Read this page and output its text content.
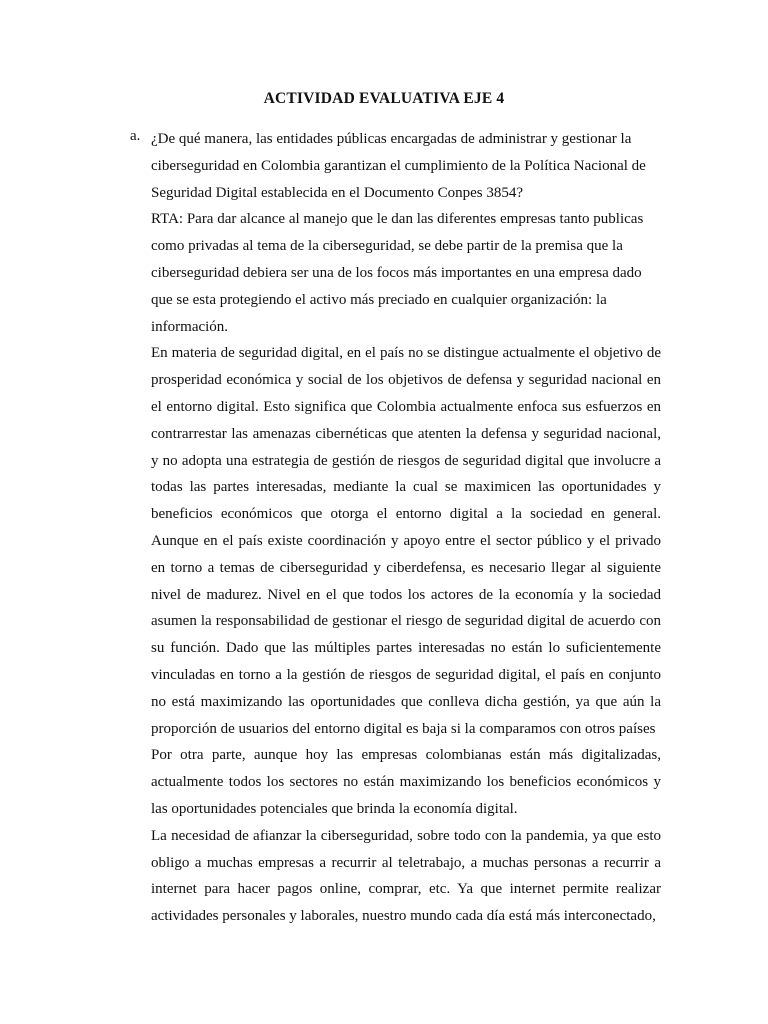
ACTIVIDAD EVALUATIVA EJE 4
a. ¿De qué manera, las entidades públicas encargadas de administrar y gestionar la ciberseguridad en Colombia garantizan el cumplimiento de la Política Nacional de Seguridad Digital establecida en el Documento Conpes 3854?

RTA: Para dar alcance al manejo que le dan las diferentes empresas tanto publicas como privadas al tema de la ciberseguridad, se debe partir de la premisa que la ciberseguridad debiera ser una de los focos más importantes en una empresa dado que se esta protegiendo el activo más preciado en cualquier organización: la información.

En materia de seguridad digital, en el país no se distingue actualmente el objetivo de prosperidad económica y social de los objetivos de defensa y seguridad nacional en el entorno digital. Esto significa que Colombia actualmente enfoca sus esfuerzos en contrarrestar las amenazas cibernéticas que atenten la defensa y seguridad nacional, y no adopta una estrategia de gestión de riesgos de seguridad digital que involucre a todas las partes interesadas, mediante la cual se maximicen las oportunidades y beneficios económicos que otorga el entorno digital a la sociedad en general. Aunque en el país existe coordinación y apoyo entre el sector público y el privado en torno a temas de ciberseguridad y ciberdefensa, es necesario llegar al siguiente nivel de madurez. Nivel en el que todos los actores de la economía y la sociedad asumen la responsabilidad de gestionar el riesgo de seguridad digital de acuerdo con su función. Dado que las múltiples partes interesadas no están lo suficientemente vinculadas en torno a la gestión de riesgos de seguridad digital, el país en conjunto no está maximizando las oportunidades que conlleva dicha gestión, ya que aún la proporción de usuarios del entorno digital es baja si la comparamos con otros países

Por otra parte, aunque hoy las empresas colombianas están más digitalizadas, actualmente todos los sectores no están maximizando los beneficios económicos y las oportunidades potenciales que brinda la economía digital.

La necesidad de afianzar la ciberseguridad, sobre todo con la pandemia, ya que esto obligo a muchas empresas a recurrir al teletrabajo, a muchas personas a recurrir a internet para hacer pagos online, comprar, etc. Ya que internet permite realizar actividades personales y laborales, nuestro mundo cada día está más interconectado,
